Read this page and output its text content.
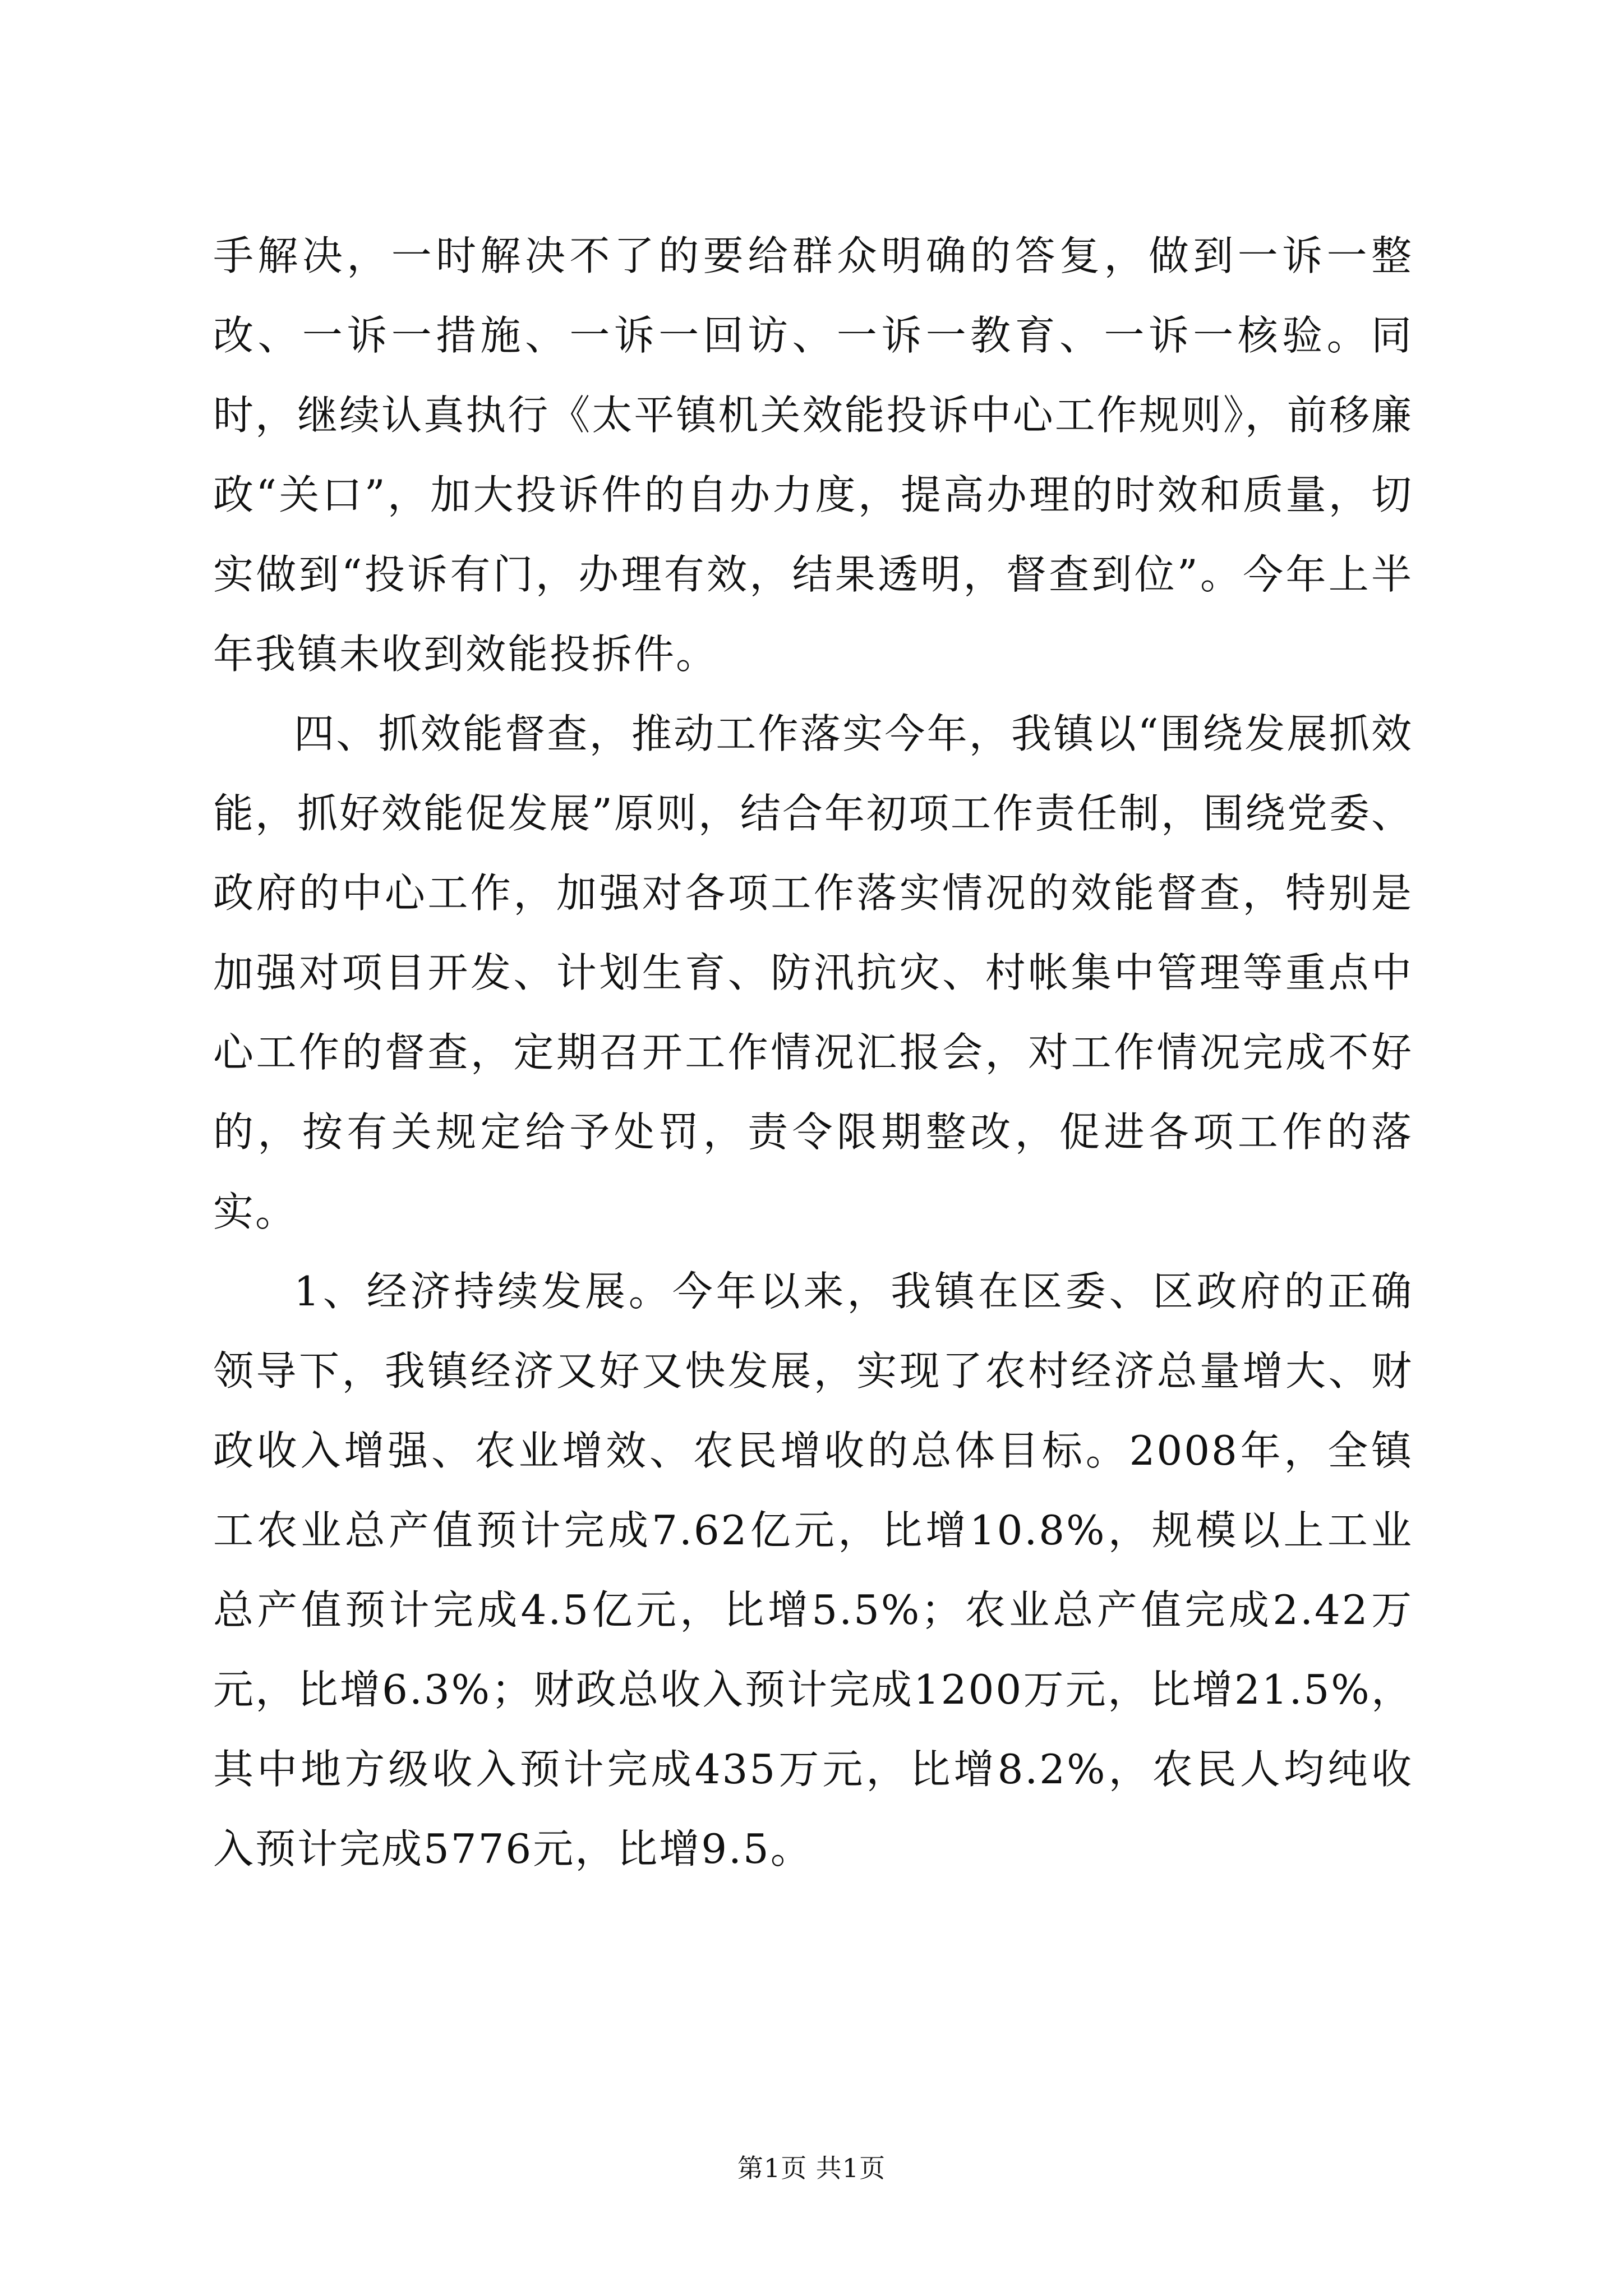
手解决，一时解决不了的要给群众明确的答复，做到一诉一整改、一诉一措施、一诉一回访、一诉一教育、一诉一核验。同时，继续认真执行《太平镇机关效能投诉中心工作规则》，前移廉政“关口”，加大投诉件的自办力度，提高办理的时效和质量，切实做到“投诉有门，办理有效，结果透明，督查到位”。今年上半年我镇未收到效能投拆件。

四、抓效能督查，推动工作落实今年，我镇以“围绕发展抓效能，抓好效能促发展”原则，结合年初项工作责任制，围绕党委、政府的中心工作，加强对各项工作落实情况的效能督查，特别是加强对项目开发、计划生育、防汛抗灾、村帐集中管理等重点中心工作的督查，定期召开工作情况汇报会，对工作情况完成不好的，按有关规定给予处罚，责令限期整改，促进各项工作的落实。

1、经济持续发展。今年以来，我镇在区委、区政府的正确领导下，我镇经济又好又快发展，实现了农村经济总量增大、财政收入增强、农业增效、农民增收的总体目标。2008年，全镇工农业总产值预计完成7.62亿元，比增10.8%，规模以上工业总产值预计完成4.5亿元，比增5.5%；农业总产值完成2.42万元，比增6.3%；财政总收入预计完成1200万元，比增21.5%，其中地方级收入预计完成435万元，比增8.2%，农民人均纯收入预计完成5776元，比增9.5。

第1页 共1页
